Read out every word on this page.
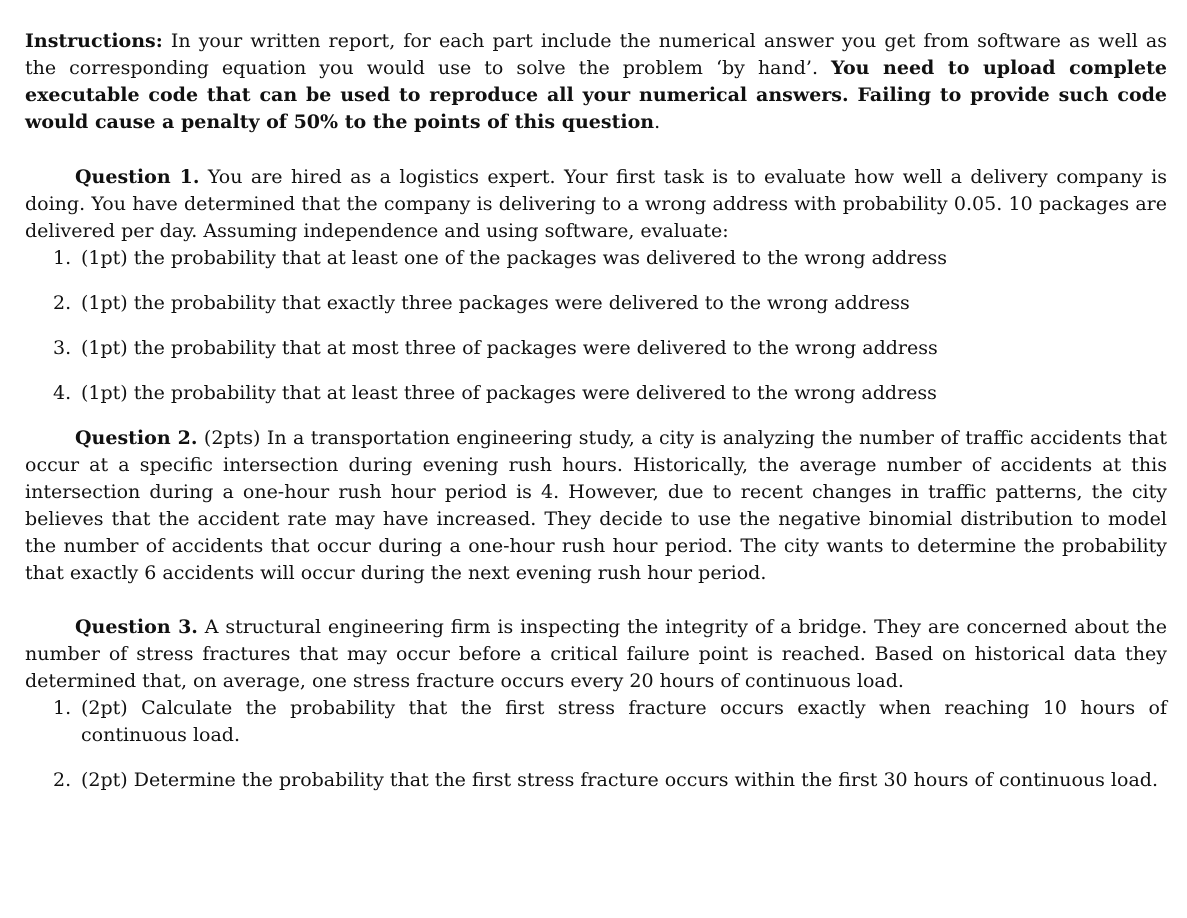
Instructions: In your written report, for each part include the numerical answer you get from software as well as the corresponding equation you would use to solve the problem ‘by hand’. You need to upload complete executable code that can be used to reproduce all your numerical answers. Failing to provide such code would cause a penalty of 50% to the points of this question.

Question 1. You are hired as a logistics expert. Your first task is to evaluate how well a delivery company is doing. You have determined that the company is delivering to a wrong address with probability 0.05. 10 packages are delivered per day. Assuming independence and using software, evaluate:

1. (1pt) the probability that at least one of the packages was delivered to the wrong address
2. (1pt) the probability that exactly three packages were delivered to the wrong address
3. (1pt) the probability that at most three of packages were delivered to the wrong address
4. (1pt) the probability that at least three of packages were delivered to the wrong address

Question 2. (2pts) In a transportation engineering study, a city is analyzing the number of traffic accidents that occur at a specific intersection during evening rush hours. Historically, the average number of accidents at this intersection during a one-hour rush hour period is 4. However, due to recent changes in traffic patterns, the city believes that the accident rate may have increased. They decide to use the negative binomial distribution to model the number of accidents that occur during a one-hour rush hour period. The city wants to determine the probability that exactly 6 accidents will occur during the next evening rush hour period.

Question 3. A structural engineering firm is inspecting the integrity of a bridge. They are concerned about the number of stress fractures that may occur before a critical failure point is reached. Based on historical data they determined that, on average, one stress fracture occurs every 20 hours of continuous load.

1. (2pt) Calculate the probability that the first stress fracture occurs exactly when reaching 10 hours of continuous load.
2. (2pt) Determine the probability that the first stress fracture occurs within the first 30 hours of continuous load.
